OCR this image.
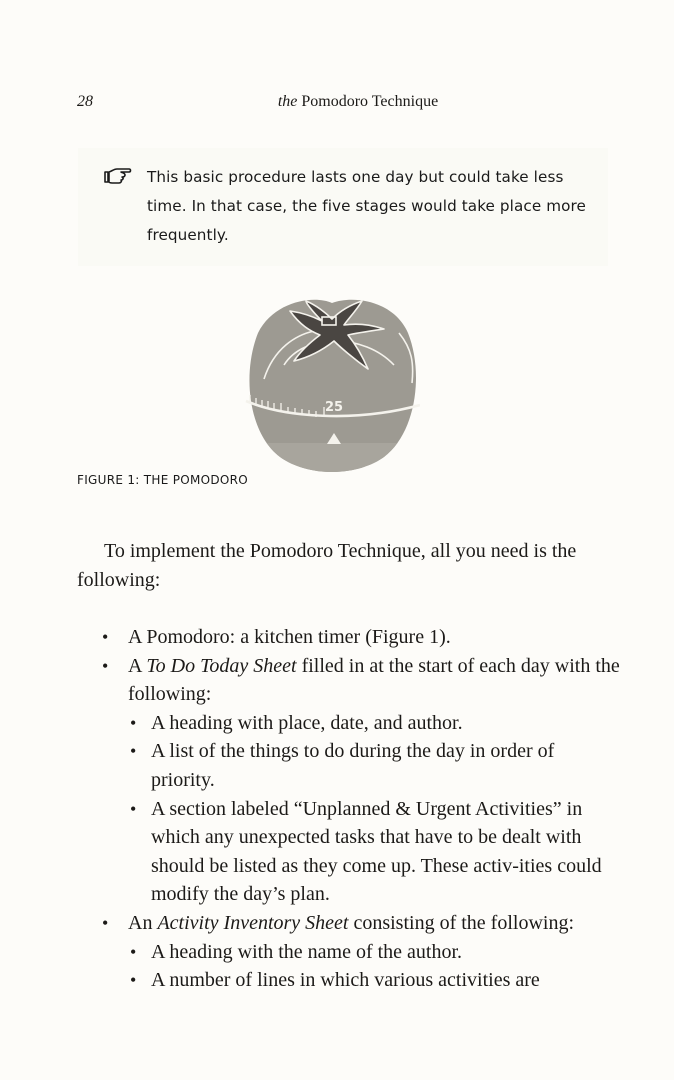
28	the Pomodoro Technique
This basic procedure lasts one day but could take less time. In that case, the five stages would take place more frequently.
25
FIGURE 1: THE POMODORO

To implement the Pomodoro Technique, all you need is the following:

• A Pomodoro: a kitchen timer (Figure 1).
• A To Do Today Sheet filled in at the start of each day with the following:
• A heading with place, date, and author.
• A list of the things to do during the day in order of priority.
• A section labeled “Unplanned & Urgent Activities” in which any unexpected tasks that have to be dealt with should be listed as they come up. These activ-ities could modify the day’s plan.
• An Activity Inventory Sheet consisting of the following:
• A heading with the name of the author.
• A number of lines in which various activities are
